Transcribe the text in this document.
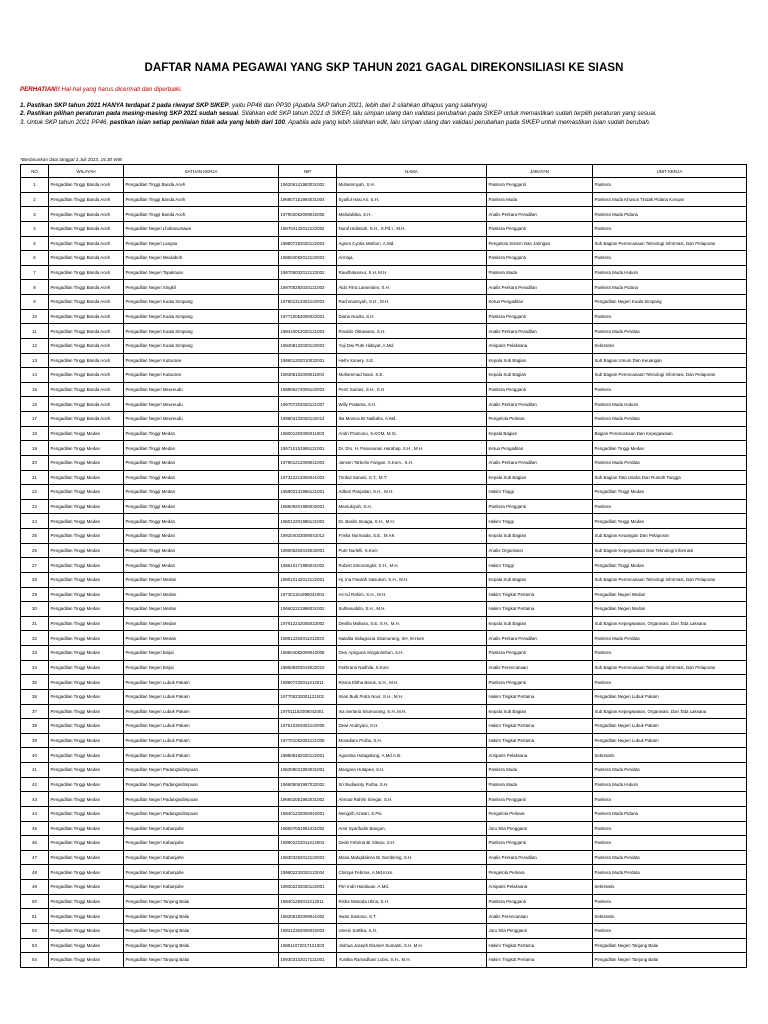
DAFTAR NAMA PEGAWAI YANG SKP TAHUN 2021 GAGAL DIREKONSILIASI KE SIASN
PERHATIAN!! Hal-hal yang harus dicermati dan diperbaiki.
1. Pastikan SKP tahun 2021 HANYA terdapat 2 pada riwayat SKP SIKEP, yaitu PP46 dan PP30 (Apabila SKP tahun 2021, lebih dari 2 silahkan dihapus yang salahnya)
2. Pastikan pilihan peraturan pada masing-masing SKP 2021 sudah sesuai. Silahkan edit SKP tahun 2021 di SIKEP, lalu simpan ulang dan validasi perubahan pada SIKEP untuk memastikan sudah terpilih peraturan yang sesuai.
3. Untuk SKP tahun 2021 PP46, pastikan isian setiap penilaian tidak ada yang lebih dari 100. Apabila ada yang lebih silahkan edit, lalu simpan ulang dan validasi perubahan pada SIKEP untuk memastikan isian sudah berubah.
*Berdasarkan data tanggal 3 Juli 2023, 15.30 WIB
NO	WILAYAH	SATUAN KERJA	NIP	NAMA	JABATAN	UNIT KERJA
1	Pengadilan Tinggi Banda Aceh	Pengadilan Tinggi Banda Aceh	196206141983031002	Muhammyah, S.H.	Panitera Pengganti	Panitera
2	Pengadilan Tinggi Banda Aceh	Pengadilan Tinggi Banda Aceh	196907151994031004	Syaiful Hasi Ari, S.H.	Panitera Muda	Panitera Muda Khusus Tindak Pidana Korupsi
3	Pengadilan Tinggi Banda Aceh	Pengadilan Tinggi Banda Aceh	197902062009042005	Mahdaliska, S.H.	Analis Perkara Peradilan	Panitera Muda Pidana
4	Pengadilan Tinggi Banda Aceh	Pengadilan Negeri Lhokseumawe	198704142012122002	Nurul Hidimiah, S.H., S.Pd.I., M.H.	Panitera Pengganti	Panitera
5	Pengadilan Tinggi Banda Aceh	Pengadilan Negeri Langsa	199807252020122003	Agnes Cyntia Marbun, A.Md.	Pengelola Sistem Dan Jaringan	Sub Bagian Perencanaan Teknologi Informasi, Dan Pelaporan
6	Pengadilan Tinggi Banda Aceh	Pengadilan Negeri Meulaboh	198504082012122003	Armaja,	Panitera Pengganti	Panitera
7	Pengadilan Tinggi Banda Aceh	Pengadilan Negeri Tapaktuan	198706032012122002	Raudhatunnur, S.H, M.H.	Panitera Muda	Panitera Muda Hukum
8	Pengadilan Tinggi Banda Aceh	Pengadilan Negeri Singkil	198705292020121003	Aldo Fitra Lamendes, S.H.	Analis Perkara Peradilan	Panitera Muda Pidana
9	Pengadilan Tinggi Banda Aceh	Pengadilan Negeri Kuala Simpang	197801312002122003	Rachmansyah, S.H., M.H.	Ketua Pengadilan	Pengadilan Negeri Kuala Simpang
10	Pengadilan Tinggi Banda Aceh	Pengadilan Negeri Kuala Simpang	197710052005022001	Diana Novita, S.H.	Panitera Pengganti	Panitera
11	Pengadilan Tinggi Banda Aceh	Pengadilan Negeri Kuala Simpang	199410012020121003	Rinaldo Oktaviano, S.H.	Analis Perkara Peradilan	Panitera Muda Perdata
12	Pengadilan Tinggi Banda Aceh	Pengadilan Negeri Kuala Simpang	199408132020122003	Yuji Dwi Putri Hidayat, A.Md.	Arsiparis Pelaksana	Sekretaris
13	Pengadilan Tinggi Banda Aceh	Pengadilan Negeri Kutacane	198601202010032001	Hefni Xonery, S.E.	Kepala Sub Bagian	Sub Bagian Umum Dan Keuangan
14	Pengadilan Tinggi Banda Aceh	Pengadilan Negeri Kutacane	198305102008011004	Muhammad Nasir, S.E.	Kepala Sub Bagian	Sub Bagian Perencanaan Teknologi Informasi, Dan Pelaporan
15	Pengadilan Tinggi Banda Aceh	Pengadilan Negeri Meureudu	198806272009122003	Fenri Suriani, S.H., S.H	Panitera Pengganti	Panitera
16	Pengadilan Tinggi Banda Aceh	Pengadilan Negeri Meureudu	199707202020121007	Willy Pratama, S.H.	Analis Perkara Peradilan	Panitera Muda Hukum
17	Pengadilan Tinggi Banda Aceh	Pengadilan Negeri Meureudu	199603132020122014	Ika Monica Br Naibaho, A.Md.	Pengelola Perkara	Panitera Muda Perdata
18	Pengadilan Tinggi Medan	Pengadilan Tinggi Medan	198001202005011003	Andri Pramono, S.KOM, M.Si.	Kepala Bagian	Bagian Perencanaan Dan Kepegawaian
19	Pengadilan Tinggi Medan	Pengadilan Tinggi Medan	195710151985121001	Dr. Drs. H. Panusunan Harahap, S.H., M.H.	Ketua Pengadilan	Pengadilan Tinggi Medan
20	Pengadilan Tinggi Medan	Pengadilan Tinggi Medan	197901212009041003	Jansen Tarbelin Farigan, S.Kom., S.H.	Analis Perkara Peradilan	Panitera Muda Perdata
21	Pengadilan Tinggi Medan	Pengadilan Tinggi Medan	197312212006041003	Timbul Sanani, S.T., M.T.	Kepala Sub Bagian	Sub Bagian Tata Usaha Dan Rumah Tangga
22	Pengadilan Tinggi Medan	Pengadilan Tinggi Medan	195903131986121001	Adbari Panjaitan, S.H., M.H.	Hakim Tinggi	Pengadilan Tinggi Medan
23	Pengadilan Tinggi Medan	Pengadilan Tinggi Medan	196509201985032001	Masrukiyah, S.H.	Panitera Pengganti	Panitera
24	Pengadilan Tinggi Medan	Pengadilan Tinggi Medan	196012201986121002	Dr. Baslin Sinaga, S.H., M.H.	Hakim Tinggi	Pengadilan Tinggi Medan
25	Pengadilan Tinggi Medan	Pengadilan Tinggi Medan	198204022009042012	Friska Nurmaida, S.E., M.AK	Kepala Sub Bagian	Sub Bagian Keuangan Dan Pelaporan
26	Pengadilan Tinggi Medan	Pengadilan Tinggi Medan	199006202015032001	Putri Nurlelli, S.Kom	Analis Organisasi	Sub Bagian Kepegawaian Dan Teknologi Informasi
27	Pengadilan Tinggi Medan	Pengadilan Tinggi Medan	195610171985031002	Robert Simorangkir, S.H., M.H.	Hakim Tinggi	Pengadilan Tinggi Medan
28	Pengadilan Tinggi Medan	Pengadilan Negeri Medan	198010142012122001	Hj. Ina Faedah Nasution, S.H., M.H.	Kepala Sub Bagian	Sub Bagian Perencanaan Teknologi Informasi, Dan Pelaporan
29	Pengadilan Tinggi Medan	Pengadilan Negeri Medan	197301151999031004	As'Ad Rahim, S.H., M.H.	Hakim Tingkat Pertama	Pengadilan Negeri Medan
30	Pengadilan Tinggi Medan	Pengadilan Negeri Medan	196602221996031002	Sulhanuddin, S.H., M.H.	Hakim Tingkat Pertama	Pengadilan Negeri Medan
31	Pengadilan Tinggi Medan	Pengadilan Negeri Medan	197912242005022002	Desilla Mahara, S.E, S.H., M.H.	Kepala Sub Bagian	Sub Bagian Kepegawaian, Organisasi, Dan Tata Laksana
32	Pengadilan Tinggi Medan	Pengadilan Negeri Medan	198512202011012023	Natalita Sidagracia Situmorang, SH, M.Hum	Analis Perkara Peradilan	Panitera Muda Perdata
33	Pengadilan Tinggi Medan	Pengadilan Negeri Binjai	198504082009042008	Desi Apriguna Singanimbun, S.H.	Panitera Pengganti	Panitera
34	Pengadilan Tinggi Medan	Pengadilan Negeri Binjai	199509302019032010	Fakhrana Nadhila, S.Kom	Analis Perencanaan	Sub Bagian Perencanaan Teknologi Informasi, Dan Pelaporan
35	Pengadilan Tinggi Medan	Pengadilan Negeri Lubuk Pakam	198807232011012011	Risma Elitha Barus, S.H., M.H.	Panitera Pengganti	Panitera
36	Pengadilan Tinggi Medan	Pengadilan Negeri Lubuk Pakam	197705232001121002	Iman Budi Putra Noor, S.H., M.H.	Hakim Tingkat Pertama	Pengadilan Negeri Lubuk Pakam
37	Pengadilan Tinggi Medan	Pengadilan Negeri Lubuk Pakam	197011182006042001	Ina Sertaria Situmorang, S.H.,M.H.	Kepala Sub Bagian	Sub Bagian Kepegawaian, Organisasi, Dan Tata Laksana
38	Pengadilan Tinggi Medan	Pengadilan Negeri Lubuk Pakam	197510302002122006	Dewi Andriyani, S.H.	Hakim Tingkat Pertama	Pengadilan Negeri Lubuk Pakam
39	Pengadilan Tinggi Medan	Pengadilan Negeri Lubuk Pakam	197701062002121009	Moradiam Purba, S.H.	Hakim Tingkat Pertama	Pengadilan Negeri Lubuk Pakam
40	Pengadilan Tinggi Medan	Pengadilan Negeri Lubuk Pakam	199808182020122001	Agustina Hutagalung, A.Md.A.B.	Arsiparis Pelaksana	Sekretaris
41	Pengadilan Tinggi Medan	Pengadilan Negeri Padangsidimpuan	196309021993031001	Mangara Hutapea, S.H.	Panitera Muda	Panitera Muda Perdata
42	Pengadilan Tinggi Medan	Pengadilan Negeri Padangsidimpuan	196605081987032002	Sri Budiasnty Purba, S.H.	Panitera Muda	Panitera Muda Hukum
43	Pengadilan Tinggi Medan	Pengadilan Negeri Padangsidimpuan	196902051992031002	Ahmad Rahim Siregar, S.H.	Panitera Pengganti	Panitera
44	Pengadilan Tinggi Medan	Pengadilan Negeri Padangsidimpuan	198401232006042001	Nengsih Azwari, S.Psi.	Pengelola Perkara	Panitera Muda Pidana
45	Pengadilan Tinggi Medan	Pengadilan Negeri Kabanjahe	196507051991031002	Amir Syarifudin Bangun,	Juru Sita Pengganti	Panitera
46	Pengadilan Tinggi Medan	Pengadilan Negeri Kabanjahe	198902222011012004	Dede Febrina Br Sitepu, S.H.	Panitera Pengganti	Panitera
47	Pengadilan Tinggi Medan	Pengadilan Negeri Kabanjahe	198303252012122003	Maria Mahgdalena Br Sembiring, S.H.	Analis Perkara Peradilan	Panitera Muda Perdata
48	Pengadilan Tinggi Medan	Pengadilan Negeri Kabanjahe	199802232020122004	Chintya Febrina, A.Md.Kom.	Pengelola Perkara	Panitera Muda Perdata
49	Pengadilan Tinggi Medan	Pengadilan Negeri Kabanjahe	199302232020122001	Fitri Indri Hasibuan, A.Md.	Arsiparis Pelaksana	Sekretaris
50	Pengadilan Tinggi Medan	Pengadilan Negeri Tanjung Balai	198401292011012011	Risha Miranda Ulina, S.H.	Panitera Pengganti	Panitera
51	Pengadilan Tinggi Medan	Pengadilan Negeri Tanjung Balai	198206192009041002	Irwan Santoso, S.T.	Analis Perencanaan	Sekretaris
52	Pengadilan Tinggi Medan	Pengadilan Negeri Tanjung Balai	198212302006042003	Umeni Sartika, S.H.	Juru Sita Pengganti	Panitera
53	Pengadilan Tinggi Medan	Pengadilan Negeri Tanjung Balai	198911072017121003	Joshua Joseph Elsaner Sumanti, S.H.,M.H.	Hakim Tingkat Pertama	Pengadilan Negeri Tanjung Balai
54	Pengadilan Tinggi Medan	Pengadilan Negeri Tanjung Balai	199303102017121001	Yustika Ramadhani Lubis, S.H., M.H.	Hakim Tingkat Pertama	Pengadilan Negeri Tanjung Balai
